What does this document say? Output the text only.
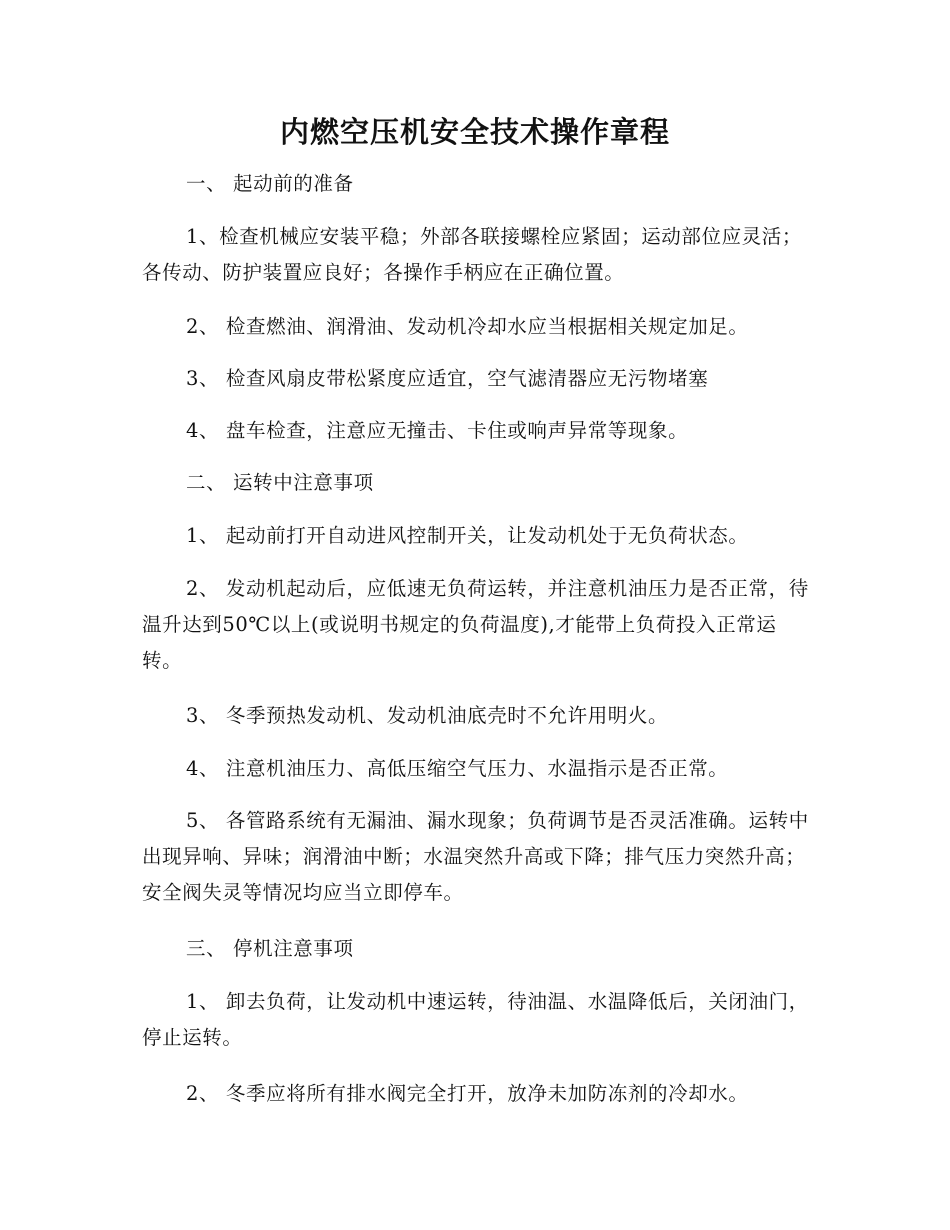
内燃空压机安全技术操作章程

一、 起动前的准备

1、检查机械应安装平稳；外部各联接螺栓应紧固；运动部位应灵活；各传动、防护装置应良好；各操作手柄应在正确位置。

2、 检查燃油、润滑油、发动机冷却水应当根据相关规定加足。

3、 检查风扇皮带松紧度应适宜，空气滤清器应无污物堵塞

4、 盘车检查，注意应无撞击、卡住或响声异常等现象。

二、 运转中注意事项

1、 起动前打开自动进风控制开关，让发动机处于无负荷状态。

2、 发动机起动后，应低速无负荷运转，并注意机油压力是否正常，待温升达到50℃以上(或说明书规定的负荷温度),才能带上负荷投入正常运转。

3、 冬季预热发动机、发动机油底壳时不允许用明火。

4、 注意机油压力、高低压缩空气压力、水温指示是否正常。

5、 各管路系统有无漏油、漏水现象；负荷调节是否灵活准确。运转中出现异响、异味；润滑油中断；水温突然升高或下降；排气压力突然升高；安全阀失灵等情况均应当立即停车。

三、 停机注意事项

1、 卸去负荷，让发动机中速运转，待油温、水温降低后，关闭油门，停止运转。

2、 冬季应将所有排水阀完全打开，放净未加防冻剂的冷却水。
